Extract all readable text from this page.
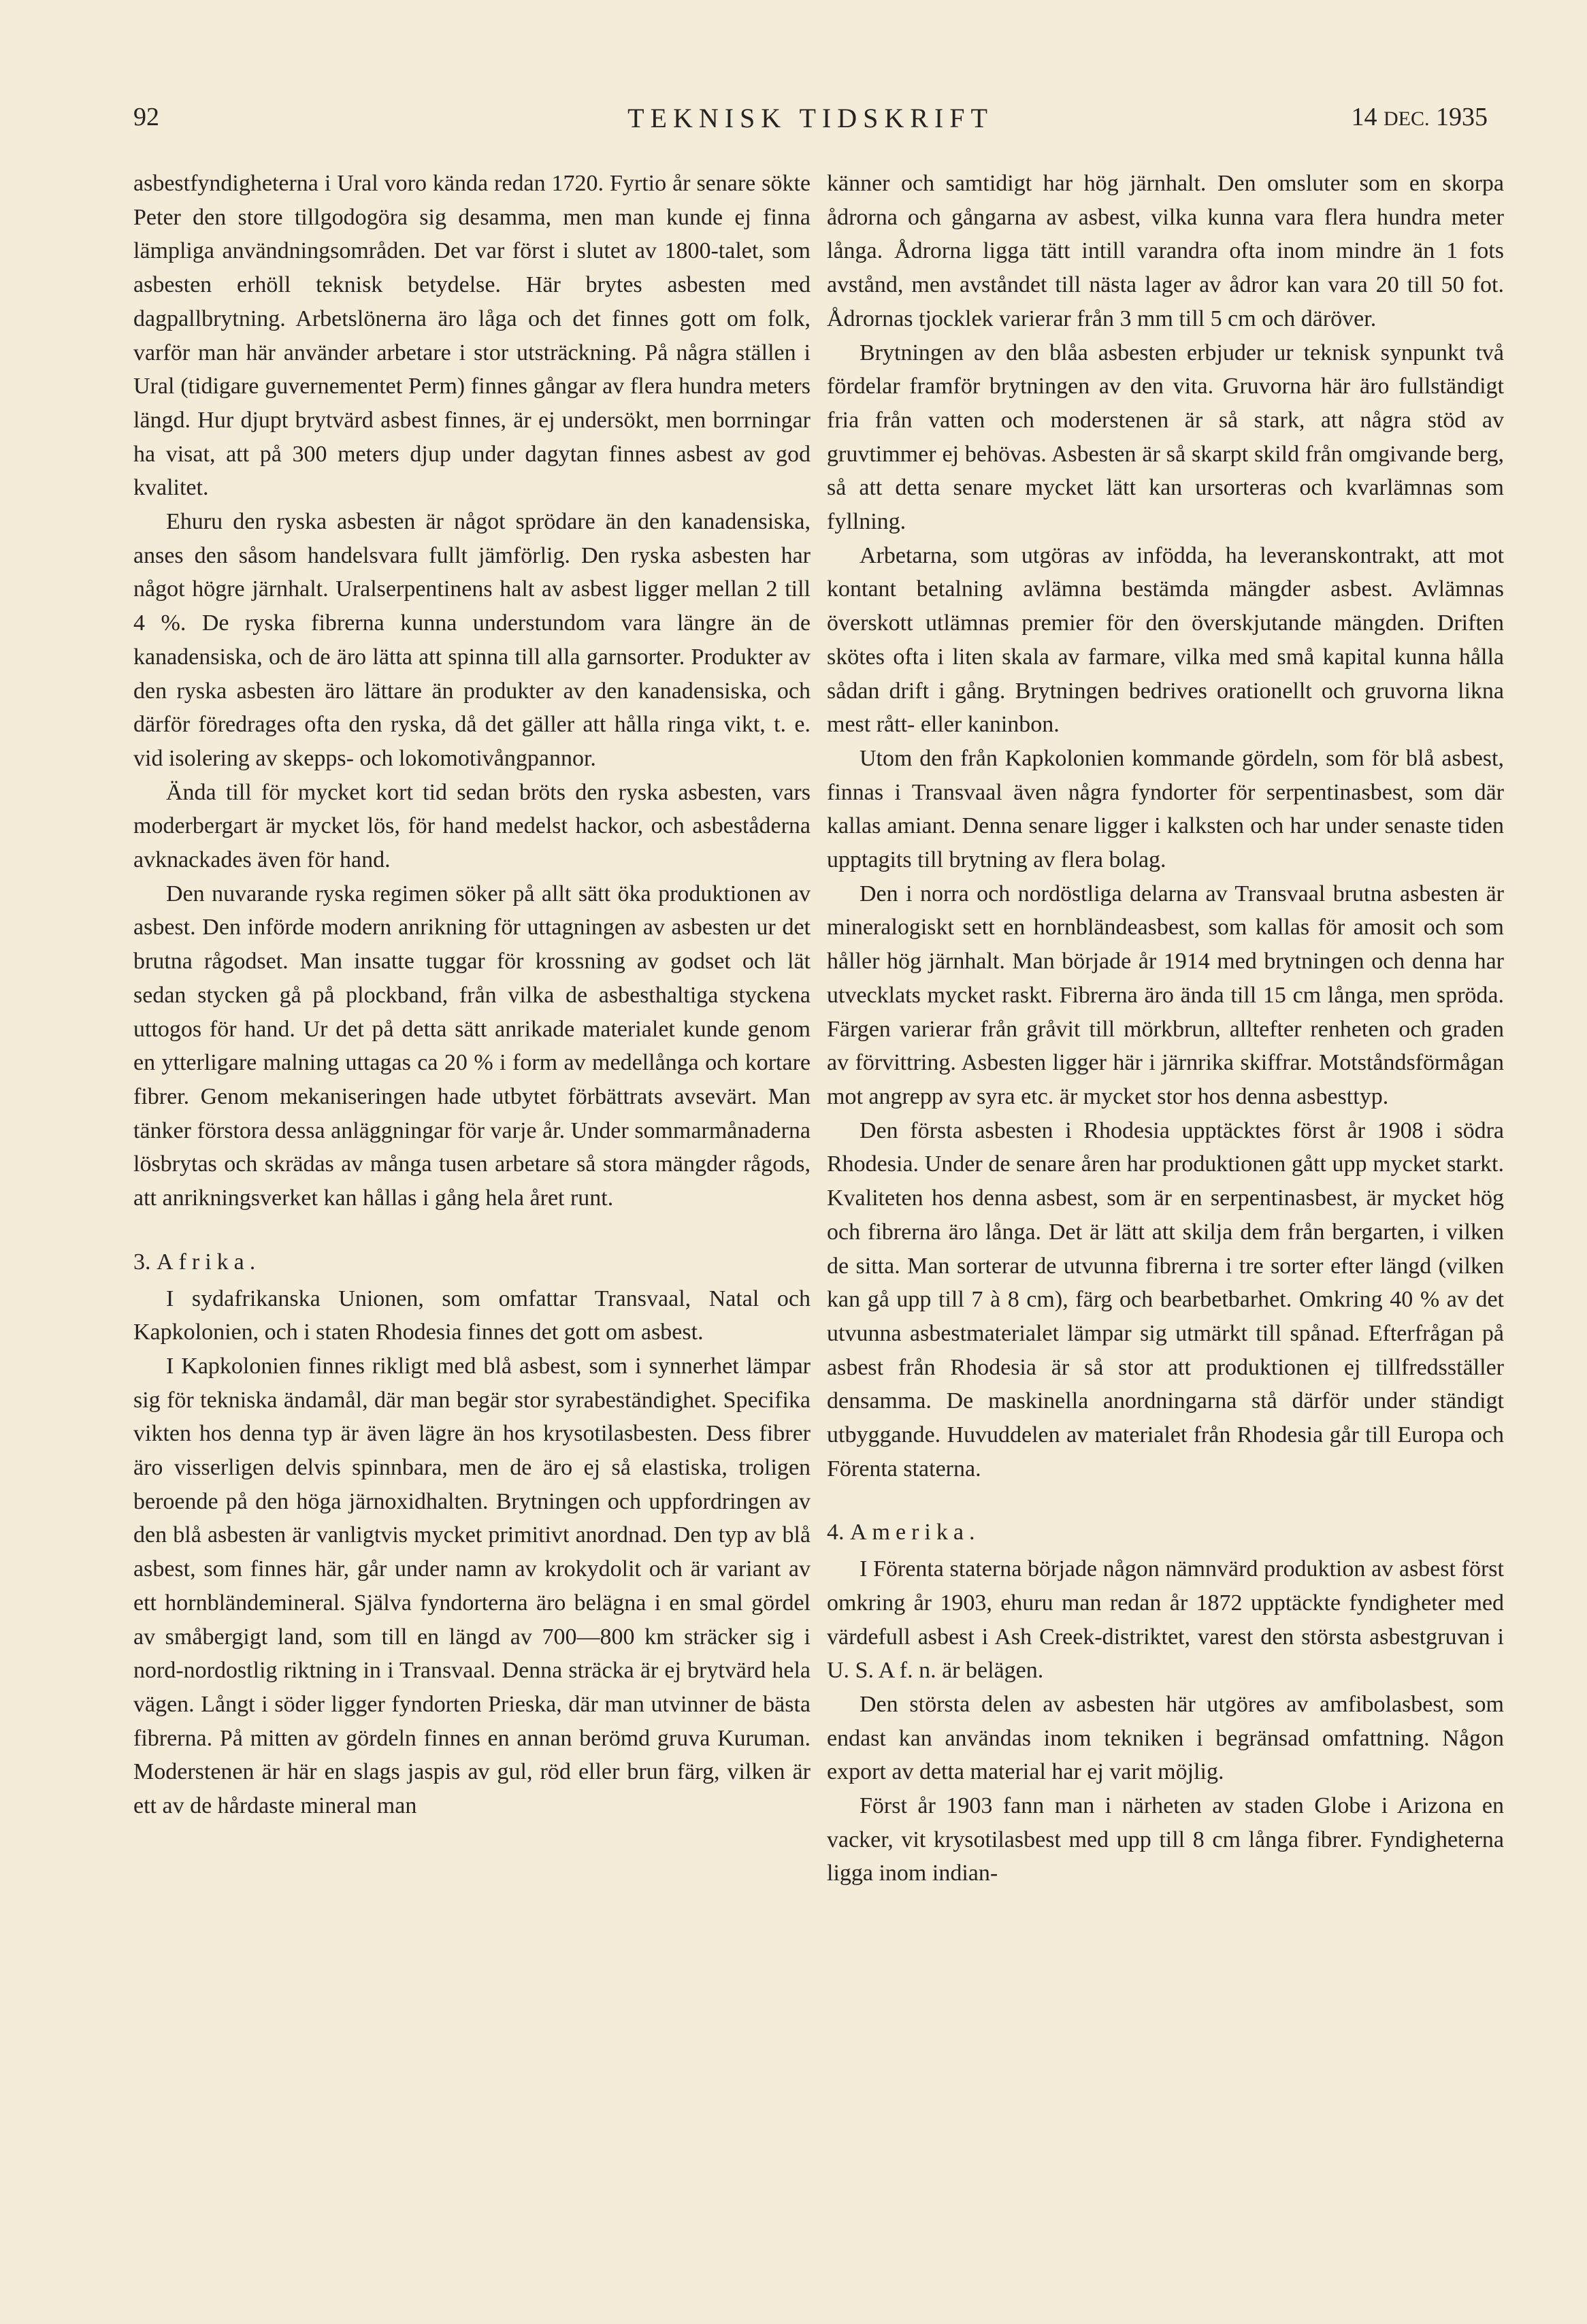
92	TEKNISK TIDSKRIFT	14 DEC. 1935

asbestfyndigheterna i Ural voro kända redan 1720. Fyrtio år senare sökte Peter den store tillgodogöra sig desamma, men man kunde ej finna lämpliga användningsområden. Det var först i slutet av 1800-talet, som asbesten erhöll teknisk betydelse. Här brytes asbesten med dagpallbrytning. Arbetslönerna äro låga och det finnes gott om folk, varför man här använder arbetare i stor utsträckning. På några ställen i Ural (tidigare guvernementet Perm) finnes gångar av flera hundra meters längd. Hur djupt brytvärd asbest finnes, är ej undersökt, men borrningar ha visat, att på 300 meters djup under dagytan finnes asbest av god kvalitet.

Ehuru den ryska asbesten är något sprödare än den kanadensiska, anses den såsom handelsvara fullt jämförlig. Den ryska asbesten har något högre järnhalt. Uralserpentinens halt av asbest ligger mellan 2 till 4 %. De ryska fibrerna kunna understundom vara längre än de kanadensiska, och de äro lätta att spinna till alla garnsorter. Produkter av den ryska asbesten äro lättare än produkter av den kanadensiska, och därför föredrages ofta den ryska, då det gäller att hålla ringa vikt, t. e. vid isolering av skepps- och lokomotivångpannor.

Ända till för mycket kort tid sedan bröts den ryska asbesten, vars moderbergart är mycket lös, för hand medelst hackor, och asbeståderna avknackades även för hand.

Den nuvarande ryska regimen söker på allt sätt öka produktionen av asbest. Den införde modern anrikning för uttagningen av asbesten ur det brutna rågodset. Man insatte tuggar för krossning av godset och lät sedan stycken gå på plockband, från vilka de asbesthaltiga styckena uttogos för hand. Ur det på detta sätt anrikade materialet kunde genom en ytterligare malning uttagas ca 20 % i form av medellånga och kortare fibrer. Genom mekaniseringen hade utbytet förbättrats avsevärt. Man tänker förstora dessa anläggningar för varje år. Under sommarmånaderna lösbrytas och skrädas av många tusen arbetare så stora mängder rågods, att anrikningsverket kan hållas i gång hela året runt.

3. Afrika.

I sydafrikanska Unionen, som omfattar Transvaal, Natal och Kapkolonien, och i staten Rhodesia finnes det gott om asbest.

I Kapkolonien finnes rikligt med blå asbest, som i synnerhet lämpar sig för tekniska ändamål, där man begär stor syrabeständighet. Specifika vikten hos denna typ är även lägre än hos krysotilasbesten. Dess fibrer äro visserligen delvis spinnbara, men de äro ej så elastiska, troligen beroende på den höga järnoxidhalten. Brytningen och uppfordringen av den blå asbesten är vanligtvis mycket primitivt anordnad. Den typ av blå asbest, som finnes här, går under namn av krokydolit och är variant av ett hornbländemineral. Själva fyndorterna äro belägna i en smal gördel av småbergigt land, som till en längd av 700—800 km sträcker sig i nord-nordostlig riktning in i Transvaal. Denna sträcka är ej brytvärd hela vägen. Långt i söder ligger fyndorten Prieska, där man utvinner de bästa fibrerna. På mitten av gördeln finnes en annan berömd gruva Kuruman. Moderstenen är här en slags jaspis av gul, röd eller brun färg, vilken är ett av de hårdaste mineral man

känner och samtidigt har hög järnhalt. Den omsluter som en skorpa ådrorna och gångarna av asbest, vilka kunna vara flera hundra meter långa. Ådrorna ligga tätt intill varandra ofta inom mindre än 1 fots avstånd, men avståndet till nästa lager av ådror kan vara 20 till 50 fot. Ådrornas tjocklek varierar från 3 mm till 5 cm och däröver.

Brytningen av den blåa asbesten erbjuder ur teknisk synpunkt två fördelar framför brytningen av den vita. Gruvorna här äro fullständigt fria från vatten och moderstenen är så stark, att några stöd av gruvtimmer ej behövas. Asbesten är så skarpt skild från omgivande berg, så att detta senare mycket lätt kan ursorteras och kvarlämnas som fyllning.

Arbetarna, som utgöras av infödda, ha leveranskontrakt, att mot kontant betalning avlämna bestämda mängder asbest. Avlämnas överskott utlämnas premier för den överskjutande mängden. Driften skötes ofta i liten skala av farmare, vilka med små kapital kunna hålla sådan drift i gång. Brytningen bedrives orationellt och gruvorna likna mest rått- eller kaninbon.

Utom den från Kapkolonien kommande gördeln, som för blå asbest, finnas i Transvaal även några fyndorter för serpentinasbest, som där kallas amiant. Denna senare ligger i kalksten och har under senaste tiden upptagits till brytning av flera bolag.

Den i norra och nordöstliga delarna av Transvaal brutna asbesten är mineralogiskt sett en hornbländeasbest, som kallas för amosit och som håller hög järnhalt. Man började år 1914 med brytningen och denna har utvecklats mycket raskt. Fibrerna äro ända till 15 cm långa, men spröda. Färgen varierar från gråvit till mörkbrun, alltefter renheten och graden av förvittring. Asbesten ligger här i järnrika skiffrar. Motståndsförmågan mot angrepp av syra etc. är mycket stor hos denna asbesttyp.

Den första asbesten i Rhodesia upptäcktes först år 1908 i södra Rhodesia. Under de senare åren har produktionen gått upp mycket starkt. Kvaliteten hos denna asbest, som är en serpentinasbest, är mycket hög och fibrerna äro långa. Det är lätt att skilja dem från bergarten, i vilken de sitta. Man sorterar de utvunna fibrerna i tre sorter efter längd (vilken kan gå upp till 7 à 8 cm), färg och bearbetbarhet. Omkring 40 % av det utvunna asbestmaterialet lämpar sig utmärkt till spånad. Efterfrågan på asbest från Rhodesia är så stor att produktionen ej tillfredsställer densamma. De maskinella anordningarna stå därför under ständigt utbyggande. Huvuddelen av materialet från Rhodesia går till Europa och Förenta staterna.

4. Amerika.

I Förenta staterna började någon nämnvärd produktion av asbest först omkring år 1903, ehuru man redan år 1872 upptäckte fyndigheter med värdefull asbest i Ash Creek-distriktet, varest den största asbestgruvan i U. S. A f. n. är belägen.

Den största delen av asbesten här utgöres av amfibolasbest, som endast kan användas inom tekniken i begränsad omfattning. Någon export av detta material har ej varit möjlig.

Först år 1903 fann man i närheten av staden Globe i Arizona en vacker, vit krysotilasbest med upp till 8 cm långa fibrer. Fyndigheterna ligga inom indian-
